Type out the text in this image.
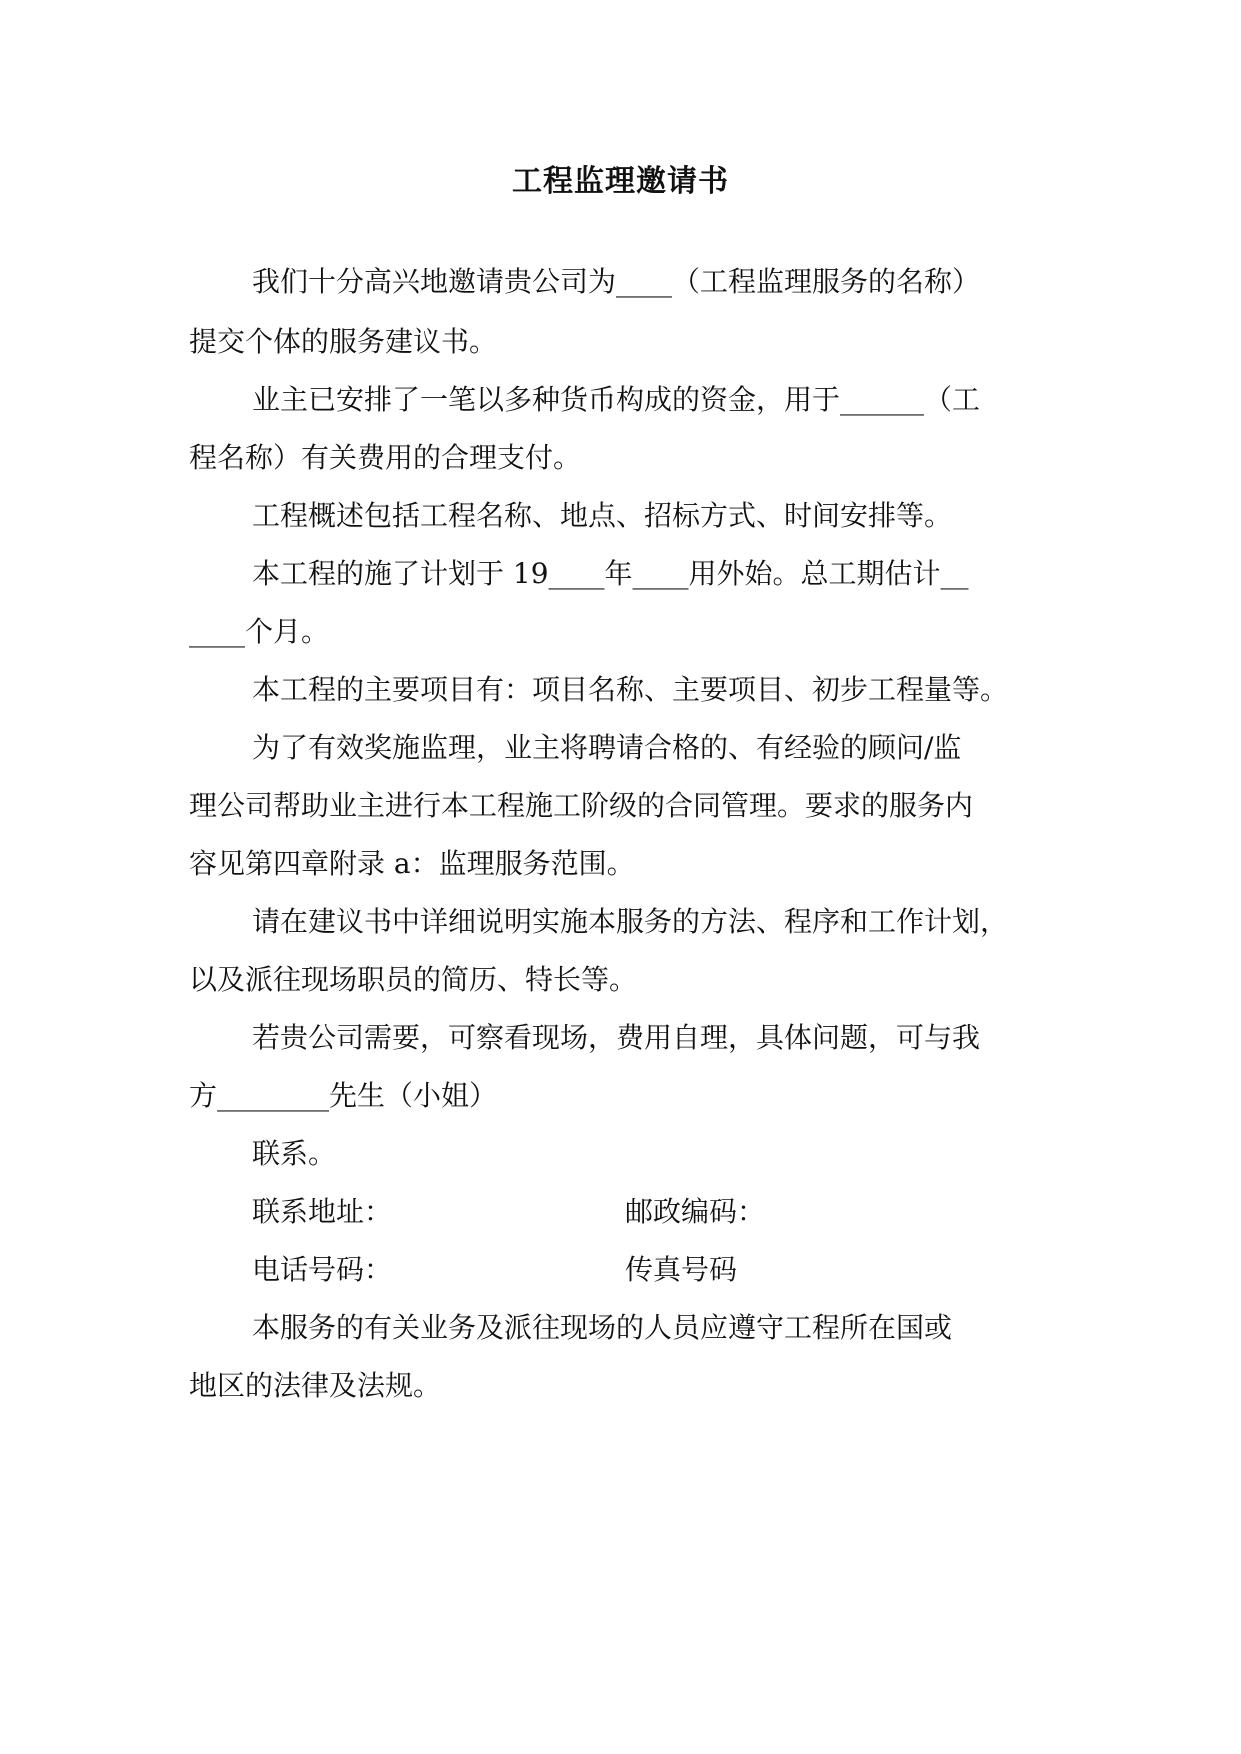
工程监理邀请书

我们十分高兴地邀请贵公司为____（工程监理服务的名称）

提交个体的服务建议书。

业主已安排了一笔以多种货币构成的资金，用于______（工

程名称）有关费用的合理支付。

工程概述包括工程名称、地点、招标方式、时间安排等。

本工程的施了计划于 19____年____用外始。总工期估计__

____个月。

本工程的主要项目有：项目名称、主要项目、初步工程量等。

为了有效奖施监理，业主将聘请合格的、有经验的顾问/监

理公司帮助业主进行本工程施工阶级的合同管理。要求的服务内

容见第四章附录 a：监理服务范围。

请在建议书中详细说明实施本服务的方法、程序和工作计划，

以及派往现场职员的简历、特长等。

若贵公司需要，可察看现场，费用自理，具体问题，可与我

方________先生（小姐）

联系。

联系地址：	邮政编码：

电话号码：	传真号码

本服务的有关业务及派往现场的人员应遵守工程所在国或

地区的法律及法规。
